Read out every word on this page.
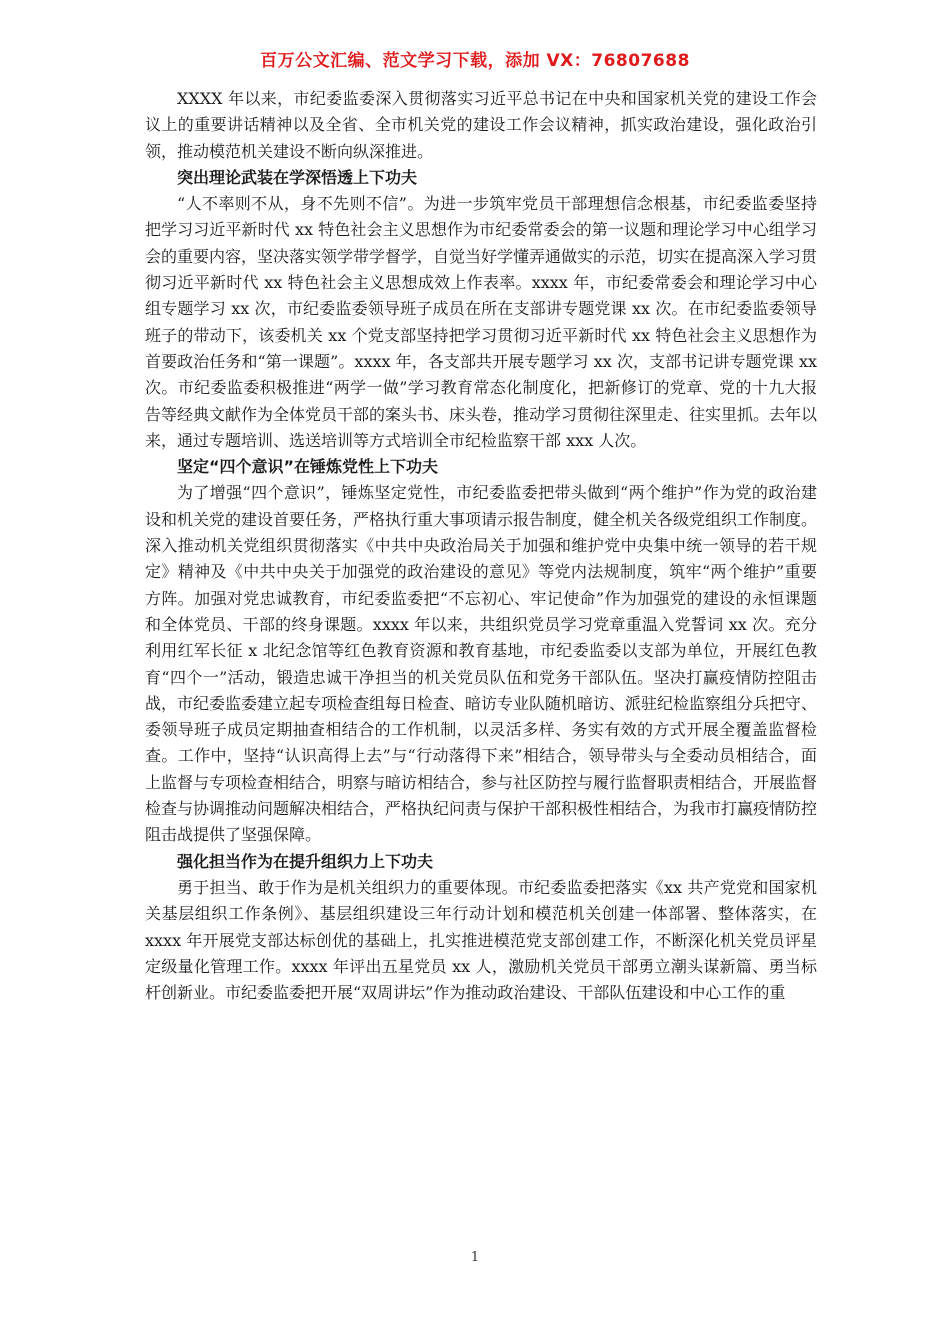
百万公文汇编、范文学习下载，添加 VX：76807688

XXXX 年以来，市纪委监委深入贯彻落实习近平总书记在中央和国家机关党的建设工作会议上的重要讲话精神以及全省、全市机关党的建设工作会议精神，抓实政治建设，强化政治引领，推动模范机关建设不断向纵深推进。

突出理论武装在学深悟透上下功夫

“人不率则不从，身不先则不信”。为进一步筑牢党员干部理想信念根基，市纪委监委坚持把学习习近平新时代 xx 特色社会主义思想作为市纪委常委会的第一议题和理论学习中心组学习会的重要内容，坚决落实领学带学督学，自觉当好学懂弄通做实的示范，切实在提高深入学习贯彻习近平新时代 xx 特色社会主义思想成效上作表率。xxxx 年，市纪委常委会和理论学习中心组专题学习 xx 次，市纪委监委领导班子成员在所在支部讲专题党课 xx 次。在市纪委监委领导班子的带动下，该委机关 xx 个党支部坚持把学习贯彻习近平新时代 xx 特色社会主义思想作为首要政治任务和“第一课题”。xxxx 年，各支部共开展专题学习 xx 次，支部书记讲专题党课 xx 次。市纪委监委积极推进“两学一做”学习教育常态化制度化，把新修订的党章、党的十九大报告等经典文献作为全体党员干部的案头书、床头卷，推动学习贯彻往深里走、往实里抓。去年以来，通过专题培训、选送培训等方式培训全市纪检监察干部 xxx 人次。

坚定“四个意识”在锤炼党性上下功夫

为了增强“四个意识”，锤炼坚定党性，市纪委监委把带头做到“两个维护”作为党的政治建设和机关党的建设首要任务，严格执行重大事项请示报告制度，健全机关各级党组织工作制度。深入推动机关党组织贯彻落实《中共中央政治局关于加强和维护党中央集中统一领导的若干规定》精神及《中共中央关于加强党的政治建设的意见》等党内法规制度，筑牢“两个维护”重要方阵。加强对党忠诚教育，市纪委监委把“不忘初心、牢记使命”作为加强党的建设的永恒课题和全体党员、干部的终身课题。xxxx 年以来，共组织党员学习党章重温入党誓词 xx 次。充分利用红军长征 x 北纪念馆等红色教育资源和教育基地，市纪委监委以支部为单位，开展红色教育“四个一”活动，锻造忠诚干净担当的机关党员队伍和党务干部队伍。坚决打赢疫情防控阻击战，市纪委监委建立起专项检查组每日检查、暗访专业队随机暗访、派驻纪检监察组分兵把守、委领导班子成员定期抽查相结合的工作机制，以灵活多样、务实有效的方式开展全覆盖监督检查。工作中，坚持“认识高得上去”与“行动落得下来”相结合，领导带头与全委动员相结合，面上监督与专项检查相结合，明察与暗访相结合，参与社区防控与履行监督职责相结合，开展监督检查与协调推动问题解决相结合，严格执纪问责与保护干部积极性相结合，为我市打赢疫情防控阻击战提供了坚强保障。

强化担当作为在提升组织力上下功夫

勇于担当、敢于作为是机关组织力的重要体现。市纪委监委把落实《xx 共产党党和国家机关基层组织工作条例》、基层组织建设三年行动计划和模范机关创建一体部署、整体落实，在 xxxx 年开展党支部达标创优的基础上，扎实推进模范党支部创建工作，不断深化机关党员评星定级量化管理工作。xxxx 年评出五星党员 xx 人，激励机关党员干部勇立潮头谋新篇、勇当标杆创新业。市纪委监委把开展“双周讲坛”作为推动政治建设、干部队伍建设和中心工作的重

1
